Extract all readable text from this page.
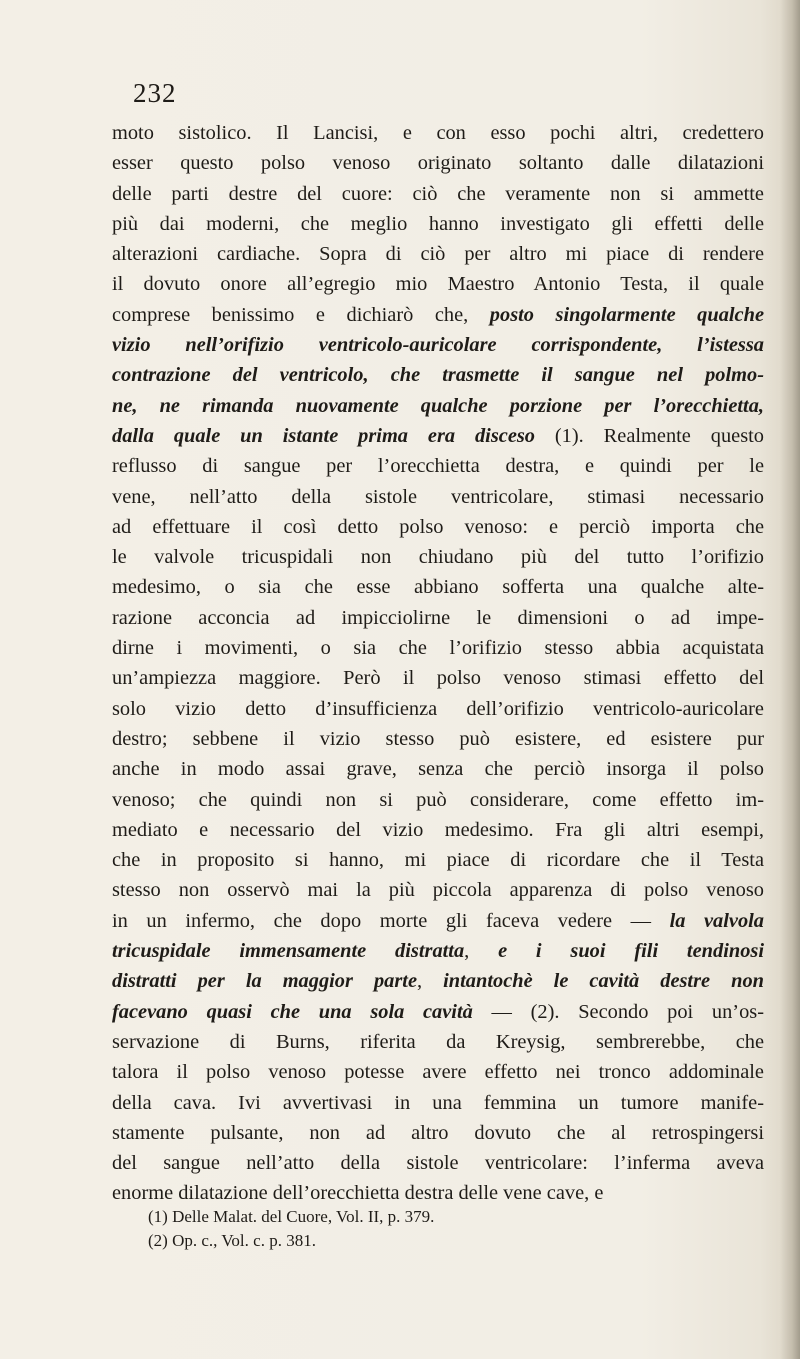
232
moto sistolico. Il Lancisi, e con esso pochi altri, credettero
esser questo polso venoso originato soltanto dalle dilatazioni
delle parti destre del cuore: ciò che veramente non si ammette
più dai moderni, che meglio hanno investigato gli effetti delle
alterazioni cardiache. Sopra di ciò per altro mi piace di rendere
il dovuto onore all’egregio mio Maestro Antonio Testa, il quale
comprese benissimo e dichiarò che, posto singolarmente qualche
vizio nell’orifizio ventricolo-auricolare corrispondente, l’istessa
contrazione del ventricolo, che trasmette il sangue nel polmo-
ne, ne rimanda nuovamente qualche porzione per l’orecchietta,
dalla quale un istante prima era disceso (1). Realmente questo
reflusso di sangue per l’orecchietta destra, e quindi per le
vene, nell’atto della sistole ventricolare, stimasi necessario
ad effettuare il così detto polso venoso: e perciò importa che
le valvole tricuspidali non chiudano più del tutto l’orifizio
medesimo, o sia che esse abbiano sofferta una qualche alte-
razione acconcia ad impicciolirne le dimensioni o ad impe-
dirne i movimenti, o sia che l’orifizio stesso abbia acquistata
un’ampiezza maggiore. Però il polso venoso stimasi effetto del
solo vizio detto d’insufficienza dell’orifizio ventricolo-auricolare
destro; sebbene il vizio stesso può esistere, ed esistere pur
anche in modo assai grave, senza che perciò insorga il polso
venoso; che quindi non si può considerare, come effetto im-
mediato e necessario del vizio medesimo. Fra gli altri esempi,
che in proposito si hanno, mi piace di ricordare che il Testa
stesso non osservò mai la più piccola apparenza di polso venoso
in un infermo, che dopo morte gli faceva vedere — la valvola
tricuspidale immensamente distratta, e i suoi fili tendinosi
distratti per la maggior parte, intantochè le cavità destre non
facevano quasi che una sola cavità — (2). Secondo poi un’os-
servazione di Burns, riferita da Kreysig, sembrerebbe, che
talora il polso venoso potesse avere effetto nei tronco addominale
della cava. Ivi avvertivasi in una femmina un tumore manife-
stamente pulsante, non ad altro dovuto che al retrospingersi
del sangue nell’atto della sistole ventricolare: l’inferma aveva
enorme dilatazione dell’orecchietta destra delle vene cave, e
(1) Delle Malat. del Cuore, Vol. II, p. 379.
(2) Op. c., Vol. c. p. 381.
